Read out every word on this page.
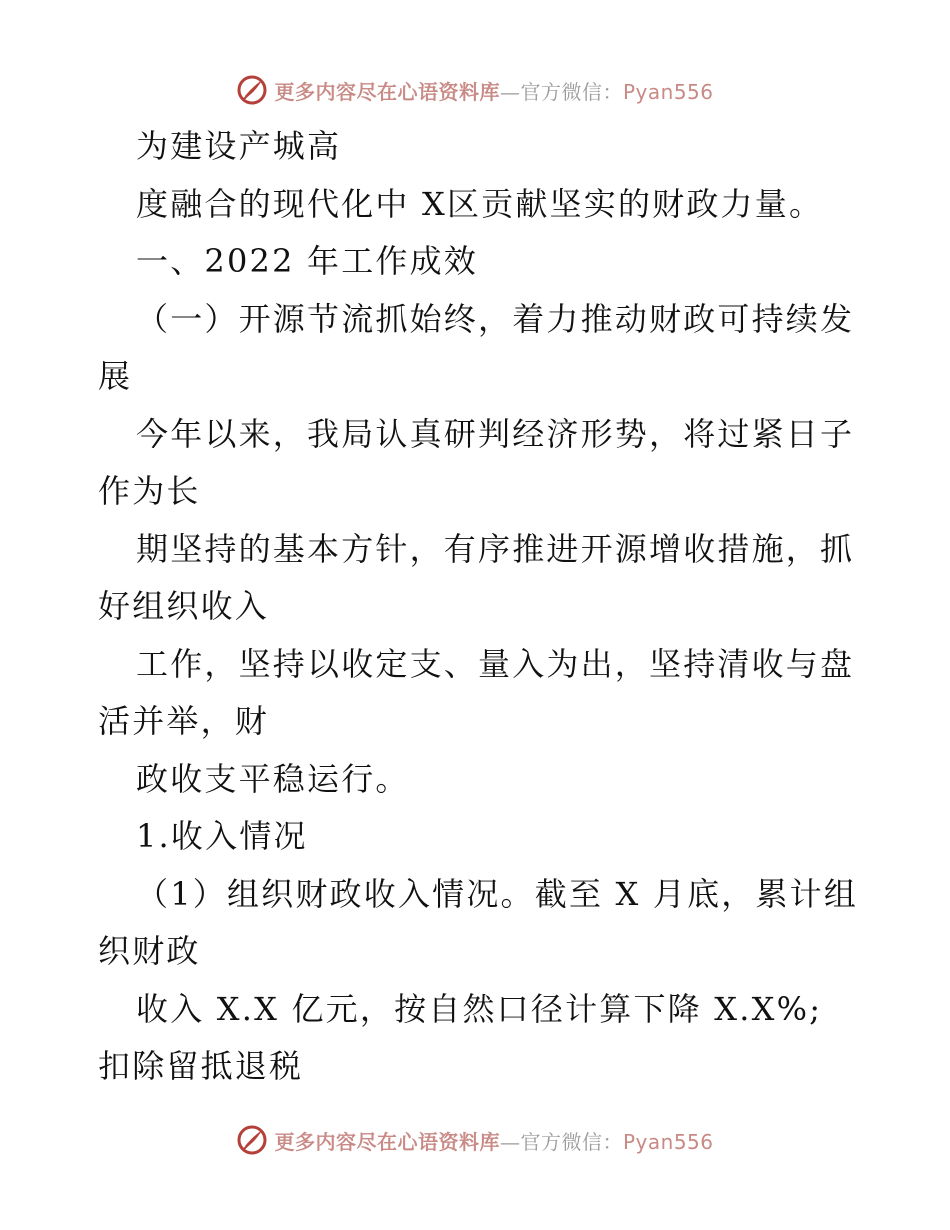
更多内容尽在心语资料库—官方微信：Pyan556
为建设产城高
度融合的现代化中 X区贡献坚实的财政力量。
一、2022 年工作成效
（一）开源节流抓始终，着力推动财政可持续发
展
今年以来，我局认真研判经济形势，将过紧日子
作为长
期坚持的基本方针，有序推进开源增收措施，抓
好组织收入
工作，坚持以收定支、量入为出，坚持清收与盘
活并举，财
政收支平稳运行。
1.收入情况
（1）组织财政收入情况。截至 X 月底，累计组
织财政
收入 X.X 亿元，按自然口径计算下降 X.X%;
扣除留抵退税
更多内容尽在心语资料库—官方微信：Pyan556
